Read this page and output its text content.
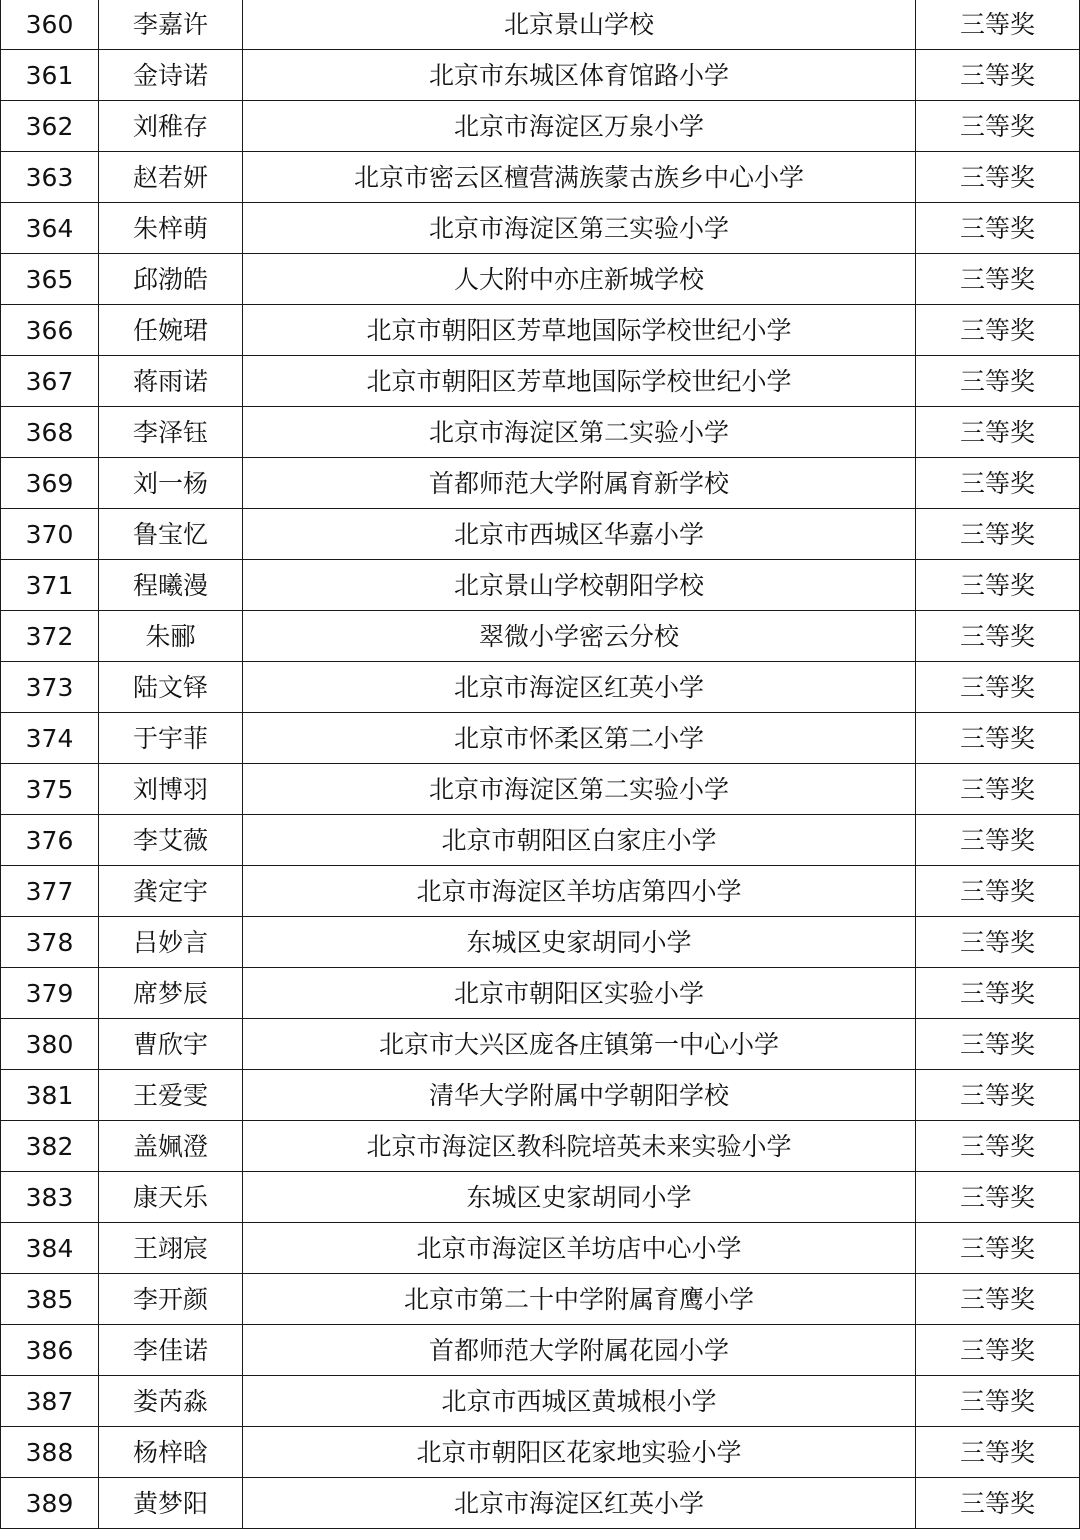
360	李嘉许	北京景山学校	三等奖
361	金诗诺	北京市东城区体育馆路小学	三等奖
362	刘稚存	北京市海淀区万泉小学	三等奖
363	赵若妍	北京市密云区檀营满族蒙古族乡中心小学	三等奖
364	朱梓萌	北京市海淀区第三实验小学	三等奖
365	邱渤皓	人大附中亦庄新城学校	三等奖
366	任婉珺	北京市朝阳区芳草地国际学校世纪小学	三等奖
367	蒋雨诺	北京市朝阳区芳草地国际学校世纪小学	三等奖
368	李泽钰	北京市海淀区第二实验小学	三等奖
369	刘一杨	首都师范大学附属育新学校	三等奖
370	鲁宝忆	北京市西城区华嘉小学	三等奖
371	程曦漫	北京景山学校朝阳学校	三等奖
372	朱郦	翠微小学密云分校	三等奖
373	陆文铎	北京市海淀区红英小学	三等奖
374	于宇菲	北京市怀柔区第二小学	三等奖
375	刘博羽	北京市海淀区第二实验小学	三等奖
376	李艾薇	北京市朝阳区白家庄小学	三等奖
377	龚定宇	北京市海淀区羊坊店第四小学	三等奖
378	吕妙言	东城区史家胡同小学	三等奖
379	席梦辰	北京市朝阳区实验小学	三等奖
380	曹欣宇	北京市大兴区庞各庄镇第一中心小学	三等奖
381	王爱雯	清华大学附属中学朝阳学校	三等奖
382	盖姵澄	北京市海淀区教科院培英未来实验小学	三等奖
383	康天乐	东城区史家胡同小学	三等奖
384	王翊宸	北京市海淀区羊坊店中心小学	三等奖
385	李开颜	北京市第二十中学附属育鹰小学	三等奖
386	李佳诺	首都师范大学附属花园小学	三等奖
387	娄芮淼	北京市西城区黄城根小学	三等奖
388	杨梓晗	北京市朝阳区花家地实验小学	三等奖
389	黄梦阳	北京市海淀区红英小学	三等奖
